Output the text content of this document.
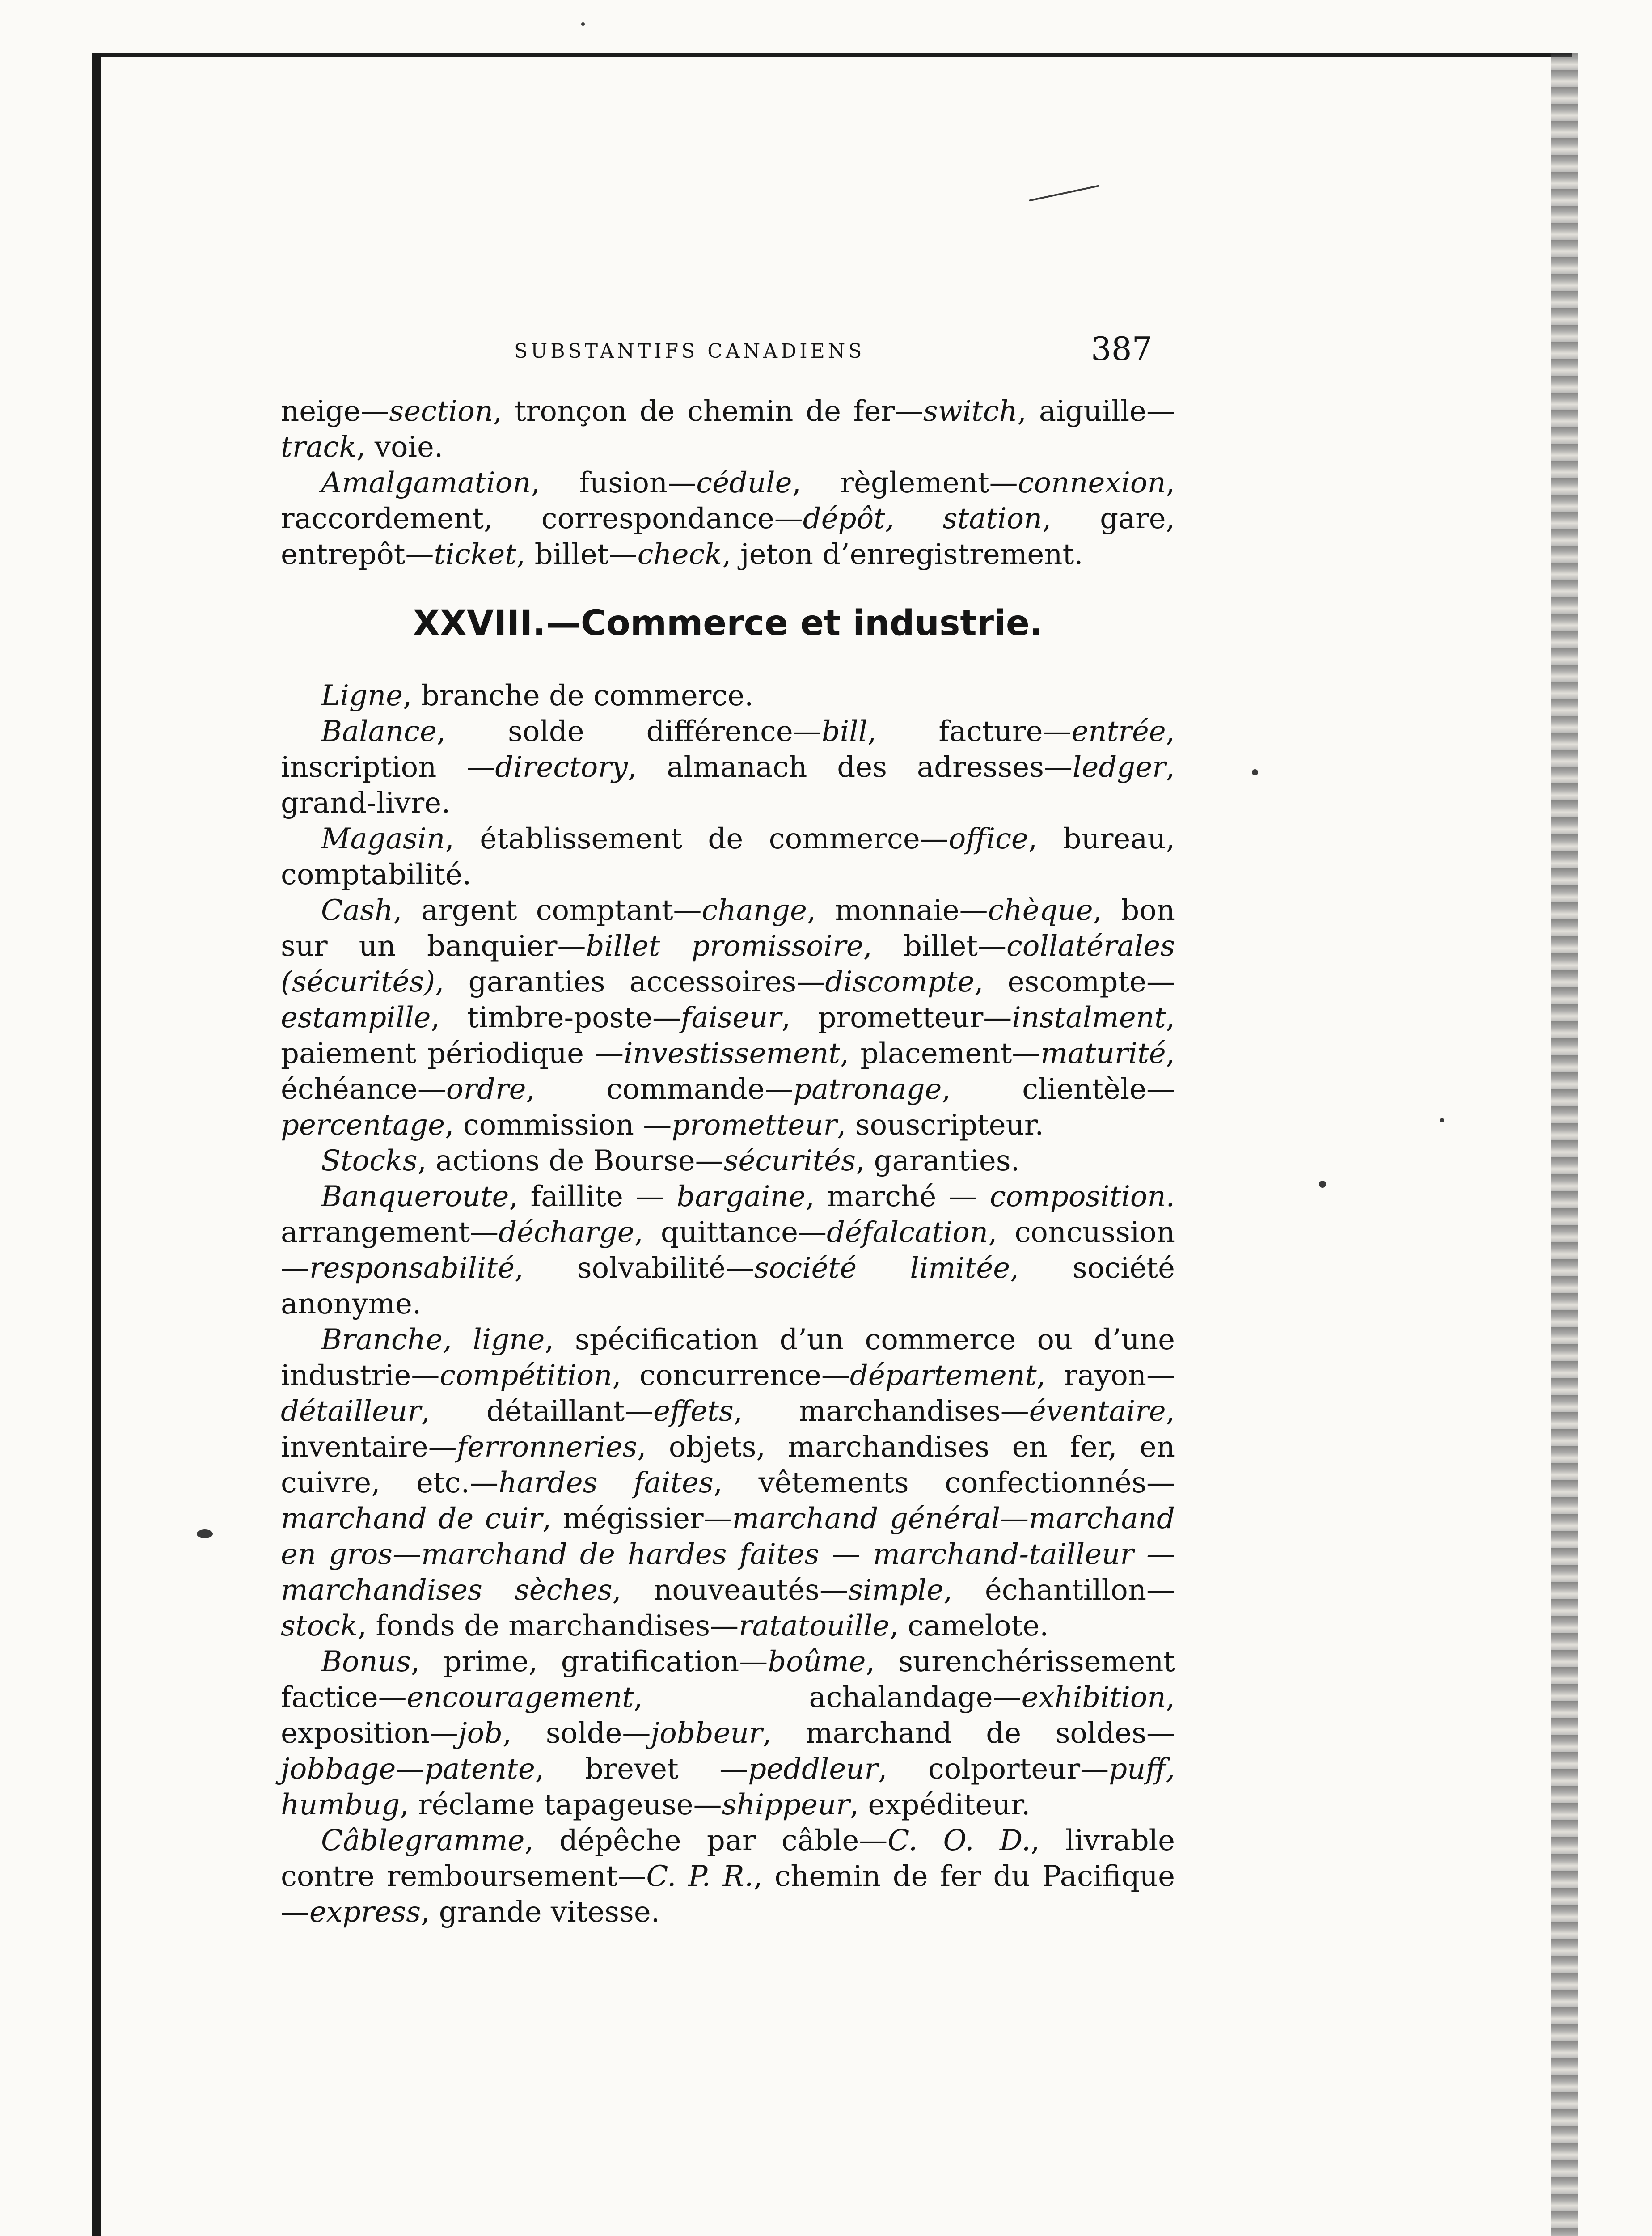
SUBSTANTIFS CANADIENS	387

neige—section, tronçon de chemin de fer—switch, aiguille—track, voie.

Amalgamation, fusion—cédule, règlement—connexion, raccordement, correspondance—dépôt, station, gare, entrepôt—ticket, billet—check, jeton d’enregistrement.

XXVIII.—Commerce et industrie.

Ligne, branche de commerce.

Balance, solde différence—bill, facture—entrée, inscription —directory, almanach des adresses—ledger, grand-livre.

Magasin, établissement de commerce—office, bureau, comptabilité.

Cash, argent comptant—change, monnaie—chèque, bon sur un banquier—billet promissoire, billet—collatérales (sécurités), garanties accessoires—discompte, escompte—estampille, timbre-poste—faiseur, prometteur—instalment, paiement périodique —investissement, placement—maturité, échéance—ordre, commande—patronage, clientèle—percentage, commission —prometteur, souscripteur.

Stocks, actions de Bourse—sécurités, garanties.

Banqueroute, faillite — bargaine, marché — composition. arrangement—décharge, quittance—défalcation, concussion—responsabilité, solvabilité—société limitée, société anonyme.

Branche, ligne, spécification d’un commerce ou d’une industrie—compétition, concurrence—département, rayon—détailleur, détaillant—effets, marchandises—éventaire, inventaire—ferronneries, objets, marchandises en fer, en cuivre, etc.—hardes faites, vêtements confectionnés—marchand de cuir, mégissier—marchand général—marchand en gros—marchand de hardes faites — marchand-tailleur — marchandises sèches, nouveautés—simple, échantillon—stock, fonds de marchandises—ratatouille, camelote.

Bonus, prime, gratification—boûme, surenchérissement factice—encouragement, achalandage—exhibition, exposition—job, solde—jobbeur, marchand de soldes—jobbage—patente, brevet —peddleur, colporteur—puff, humbug, réclame tapageuse—shippeur, expéditeur.

Câblegramme, dépêche par câble—C. O. D., livrable contre remboursement—C. P. R., chemin de fer du Pacifique—express, grande vitesse.
